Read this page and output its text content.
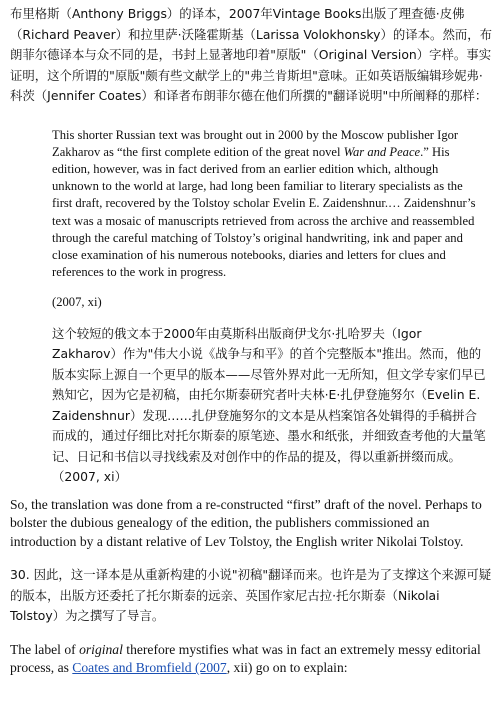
布里格斯（Anthony Briggs）的译本，2007年Vintage Books出版了理查德·皮佛（Richard Peaver）和拉里萨·沃隆霍斯基（Larissa Volokhonsky）的译本。然而，布朗菲尔德译本与众不同的是，书封上显著地印着"原版"（Original Version）字样。事实证明，这个所谓的"原版"颇有些文献学上的"弗兰肯斯坦"意味。正如英语版编辑珍妮弗·科茨（Jennifer Coates）和译者布朗菲尔德在他们所撰的"翻译说明"中所阐释的那样：

This shorter Russian text was brought out in 2000 by the Moscow publisher Igor Zakharov as “the first complete edition of the great novel War and Peace.” His edition, however, was in fact derived from an earlier edition which, although unknown to the world at large, had long been familiar to literary specialists as the first draft, recovered by the Tolstoy scholar Evelin E. Zaidenshnur.… Zaidenshnur’s text was a mosaic of manuscripts retrieved from across the archive and reassembled through the careful matching of Tolstoy’s original handwriting, ink and paper and close examination of his numerous notebooks, diaries and letters for clues and references to the work in progress.

(2007, xi)

这个较短的俄文本于2000年由莫斯科出版商伊戈尔·扎哈罗夫（Igor Zakharov）作为"伟大小说《战争与和平》的首个完整版本"推出。然而，他的版本实际上源自一个更早的版本——尽管外界对此一无所知，但文学专家们早已熟知它，因为它是初稿，由托尔斯泰研究者叶夫林·E·扎伊登施努尔（Evelin E. Zaidenshnur）发现……扎伊登施努尔的文本是从档案馆各处辑得的手稿拼合而成的，通过仔细比对托尔斯泰的原笔迹、墨水和纸张，并细致查考他的大量笔记、日记和书信以寻找线索及对创作中的作品的提及，得以重新拼缀而成。（2007, xi）

So, the translation was done from a re-constructed “first” draft of the novel. Perhaps to bolster the dubious genealogy of the edition, the publishers commissioned an introduction by a distant relative of Lev Tolstoy, the English writer Nikolai Tolstoy.

30. 因此，这一译本是从重新构建的小说"初稿"翻译而来。也许是为了支撑这个来源可疑的版本，出版方还委托了托尔斯泰的远亲、英国作家尼古拉·托尔斯泰（Nikolai Tolstoy）为之撰写了导言。

The label of original therefore mystifies what was in fact an extremely messy editorial process, as Coates and Bromfield (2007, xii) go on to explain:
